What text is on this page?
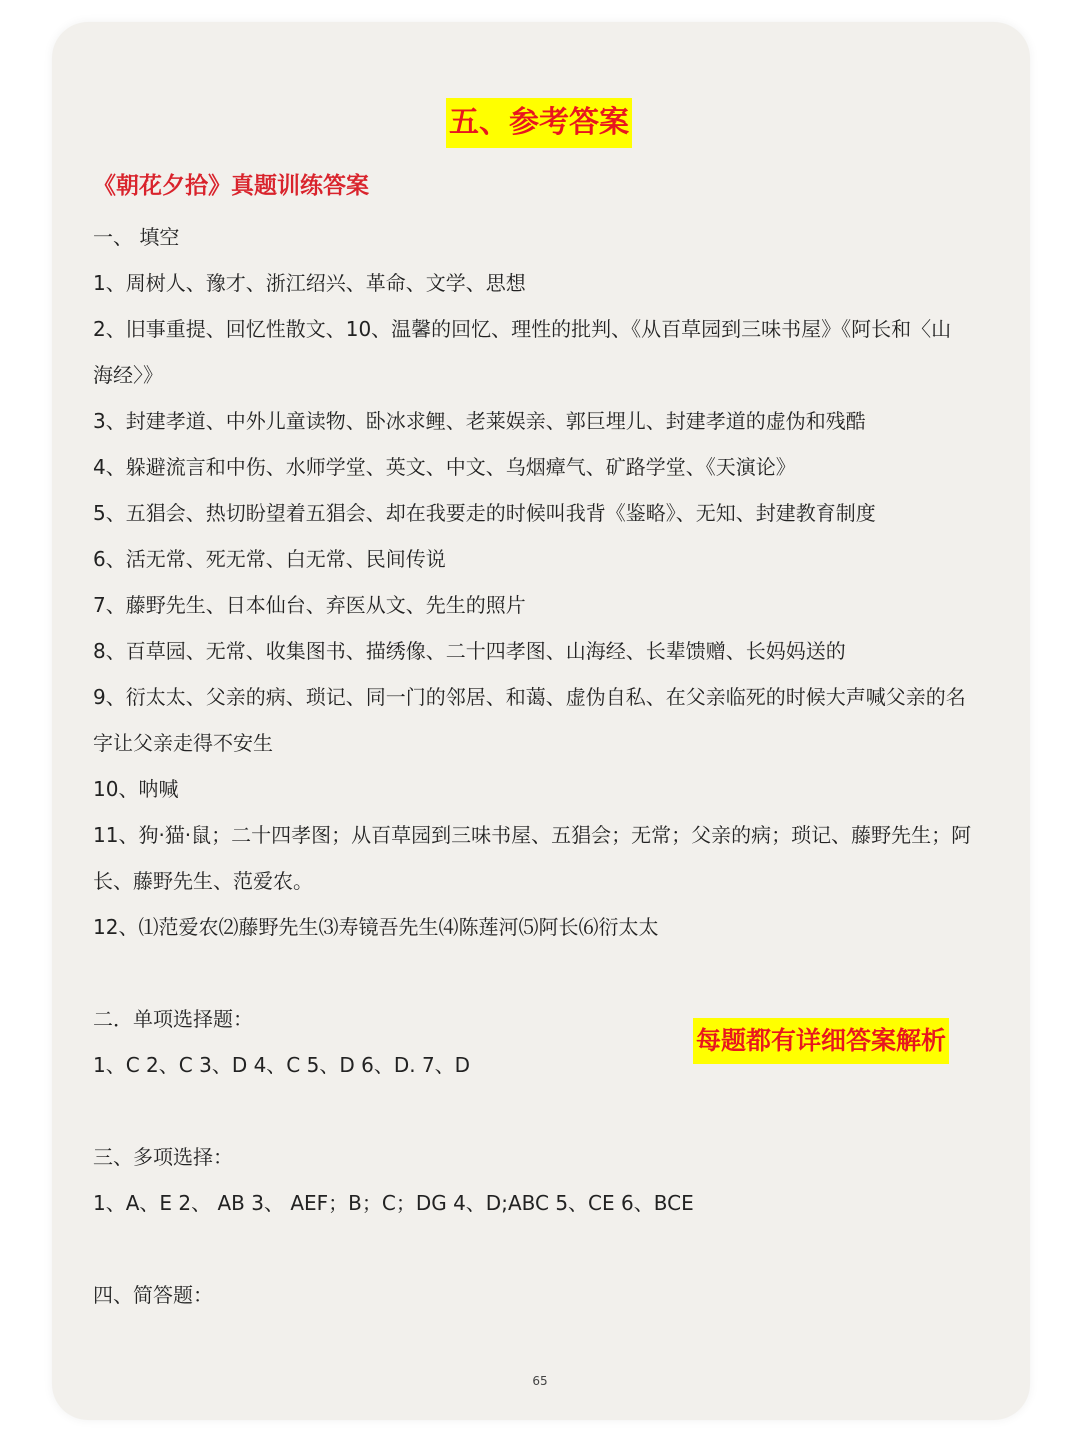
五、参考答案
《朝花夕拾》真题训练答案
一、 填空
1、周树人、豫才、浙江绍兴、革命、文学、思想
2、旧事重提、回忆性散文、10、温馨的回忆、理性的批判、《从百草园到三味书屋》《阿长和〈山
海经〉》
3、封建孝道、中外儿童读物、卧冰求鲤、老莱娱亲、郭巨埋儿、封建孝道的虚伪和残酷
4、躲避流言和中伤、水师学堂、英文、中文、乌烟瘴气、矿路学堂、《天演论》
5、五猖会、热切盼望着五猖会、却在我要走的时候叫我背《鉴略》、无知、封建教育制度
6、活无常、死无常、白无常、民间传说
7、藤野先生、日本仙台、弃医从文、先生的照片
8、百草园、无常、收集图书、描绣像、二十四孝图、山海经、长辈馈赠、长妈妈送的
9、衍太太、父亲的病、琐记、同一门的邻居、和蔼、虚伪自私、在父亲临死的时候大声喊父亲的名
字让父亲走得不安生
10、呐喊
11、狗·猫·鼠；二十四孝图；从百草园到三味书屋、五猖会；无常；父亲的病；琐记、藤野先生；阿
长、藤野先生、范爱农。
12、⑴范爱农⑵藤野先生⑶寿镜吾先生⑷陈莲河⑸阿长⑹衍太太
二．单项选择题：
1、C 2、C 3、D 4、C 5、D 6、D. 7、D
三、多项选择：
1、A、E 2、 AB 3、 AEF；B；C；DG 4、D;ABC 5、CE 6、BCE
四、简答题：
每题都有详细答案解析
65
